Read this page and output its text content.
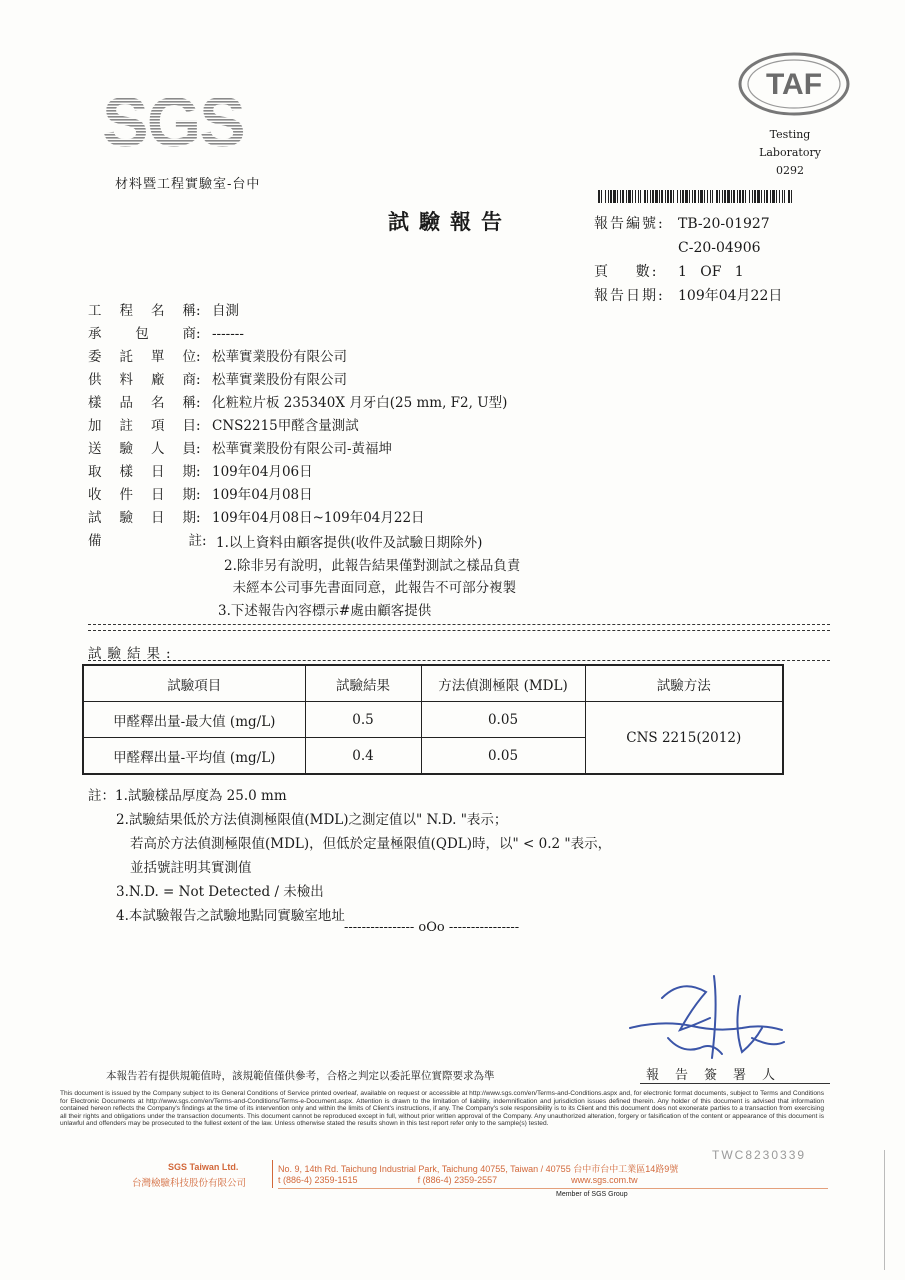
SGS
材料暨工程實驗室-台中
TAF
Testing Laboratory
0292
試驗報告	報告編號: TB-20-01927
C-20-04906
頁    數:	1   OF   1
報告日期: 109年04月22日
工 程 名 稱 : 自測
承	包	商 : -------
委 託 單 位 : 松華實業股份有限公司
供 料 廠 商 : 松華實業股份有限公司
樣 品 名 稱 : 化粧粒片板 235340X 月牙白(25 mm, F2, U型)
加 註 項 目 : CNS2215甲醛含量測試
送 驗 人 員 : 松華實業股份有限公司-黃福坤
取 樣 日 期 : 109年04月06日
收 件 日 期 : 109年04月08日
試 驗 日 期 : 109年04月08日~109年04月22日
備	註 : 1.以上資料由顧客提供(收件及試驗日期除外)
2.除非另有說明，此報告結果僅對測試之樣品負責
未經本公司事先書面同意，此報告不可部分複製
3.下述報告內容標示#處由顧客提供
試驗結果:
試驗項目	試驗結果	方法偵測極限 (MDL)	試驗方法
甲醛釋出量-最大值 (mg/L)	0.5	0.05	CNS 2215(2012)
甲醛釋出量-平均值 (mg/L)	0.4	0.05	
註：1.試驗樣品厚度為 25.0 mm
2.試驗結果低於方法偵測極限值(MDL)之測定值以" N.D. "表示；
若高於方法偵測極限值(MDL)，但低於定量極限值(QDL)時，以" < 0.2 "表示，
並括號註明其實測值
3.N.D. = Not Detected / 未檢出
4.本試驗報告之試驗地點同實驗室地址
---------------- oOo ----------------
本報告若有提供規範值時，該規範值僅供參考，合格之判定以委託單位實際要求為準	報告簽署人
This document is issued by the Company subject to its General Conditions of Service printed overleaf, available on request or accessible at http://www.sgs.com/en/Terms-and-Conditions.aspx and, for electronic format documents, subject to Terms and Conditions for Electronic Documents at http://www.sgs.com/en/Terms-and-Conditions/Terms-e-Document.aspx. Attention is drawn to the limitation of liability, indemnification and jurisdiction issues defined therein. Any holder of this document is advised that information contained hereon reflects the Company's findings at the time of its intervention only and within the limits of Client's instructions, if any. The Company's sole responsibility is to its Client and this document does not exonerate parties to a transaction from exercising all their rights and obligations under the transaction documents. This document cannot be reproduced except in full, without prior written approval of the Company. Any unauthorized alteration, forgery or falsification of the content or appearance of this document is unlawful and offenders may be prosecuted to the fullest extent of the law. Unless otherwise stated the results shown in this test report refer only to the sample(s) tested.
TWC8230339
SGS Taiwan Ltd.
台灣檢驗科技股份有限公司
No. 9, 14th Rd. Taichung Industrial Park, Taichung 40755, Taiwan / 40755 台中市台中工業區14路9號
t (886-4) 2359-1515	f (886-4) 2359-2557	www.sgs.com.tw
Member of SGS Group
